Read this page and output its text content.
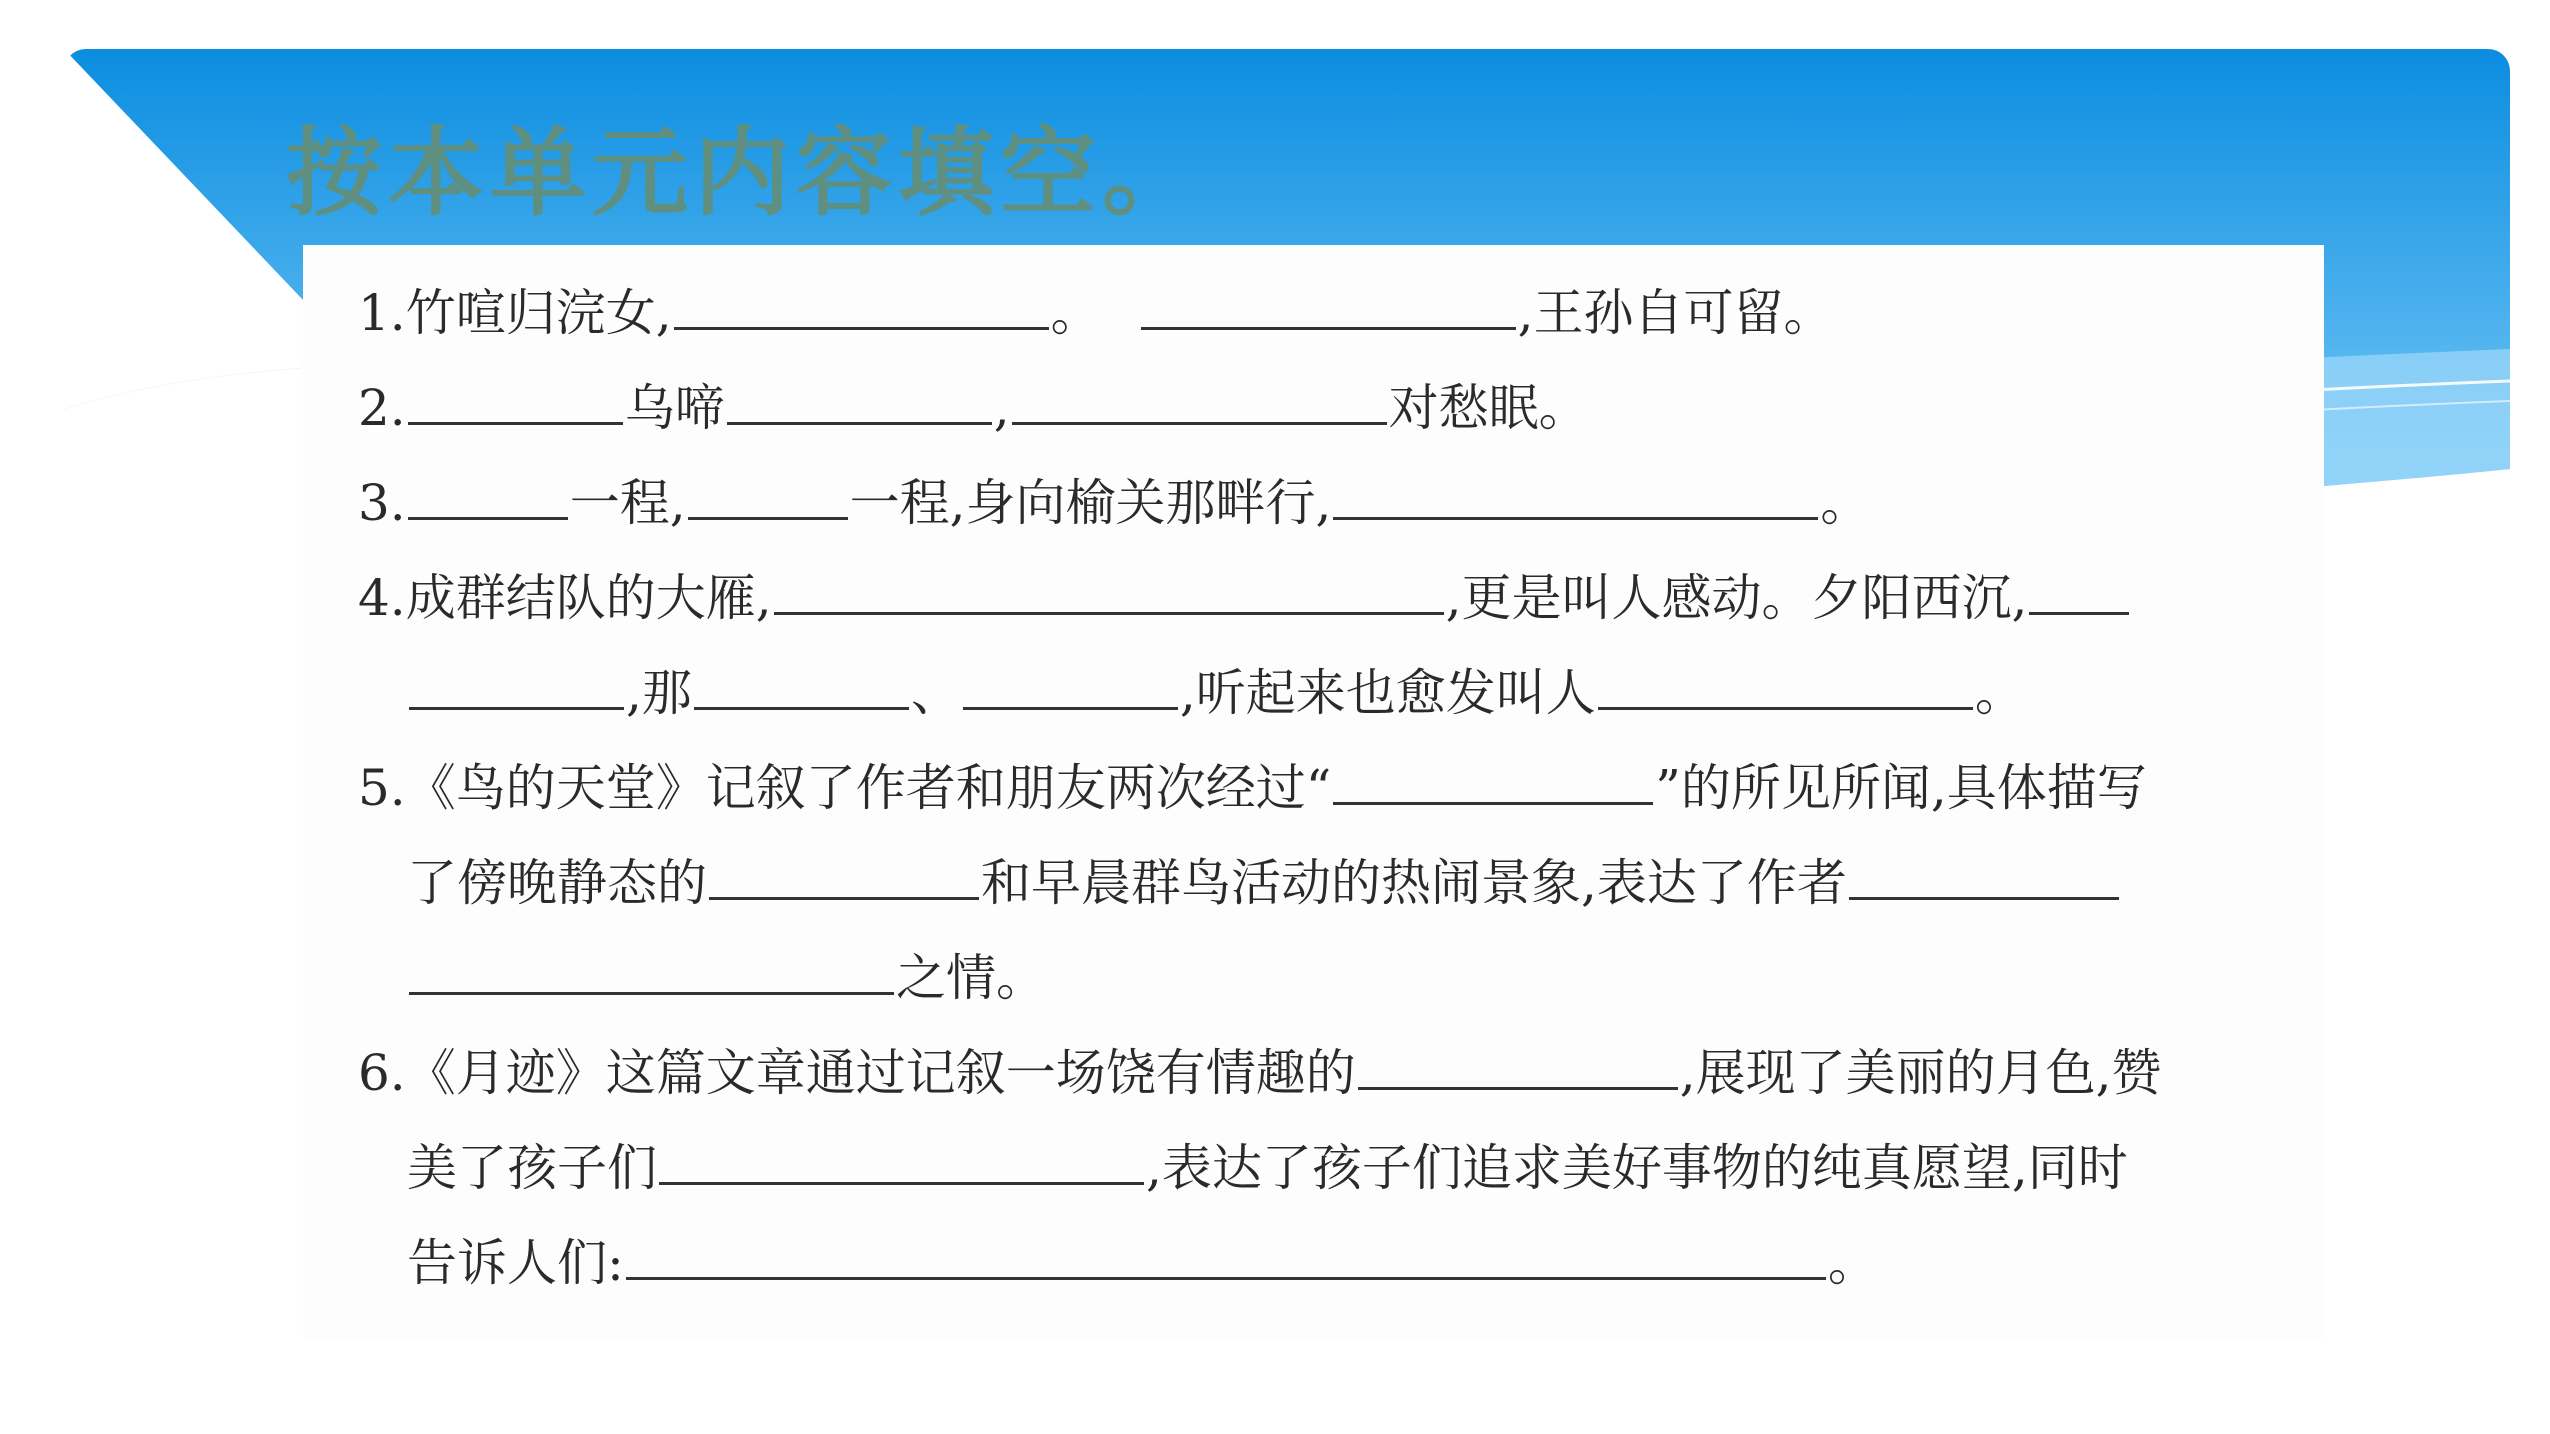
按本单元内容填空。
1.竹喧归浣女,	。	,王孙自可留。
2.	乌啼	,	对愁眠。
3.	一程,	一程,身向榆关那畔行,	。
4.成群结队的大雁,	,更是叫人感动。夕阳西沉,
,那	、	,听起来也愈发叫人	。
5.《鸟的天堂》记叙了作者和朋友两次经过“	”的所见所闻,具体描写
了傍晚静态的	和早晨群鸟活动的热闹景象,表达了作者
之情。
6.《月迹》这篇文章通过记叙一场饶有情趣的	,展现了美丽的月色,赞
美了孩子们	,表达了孩子们追求美好事物的纯真愿望,同时
告诉人们:	。
